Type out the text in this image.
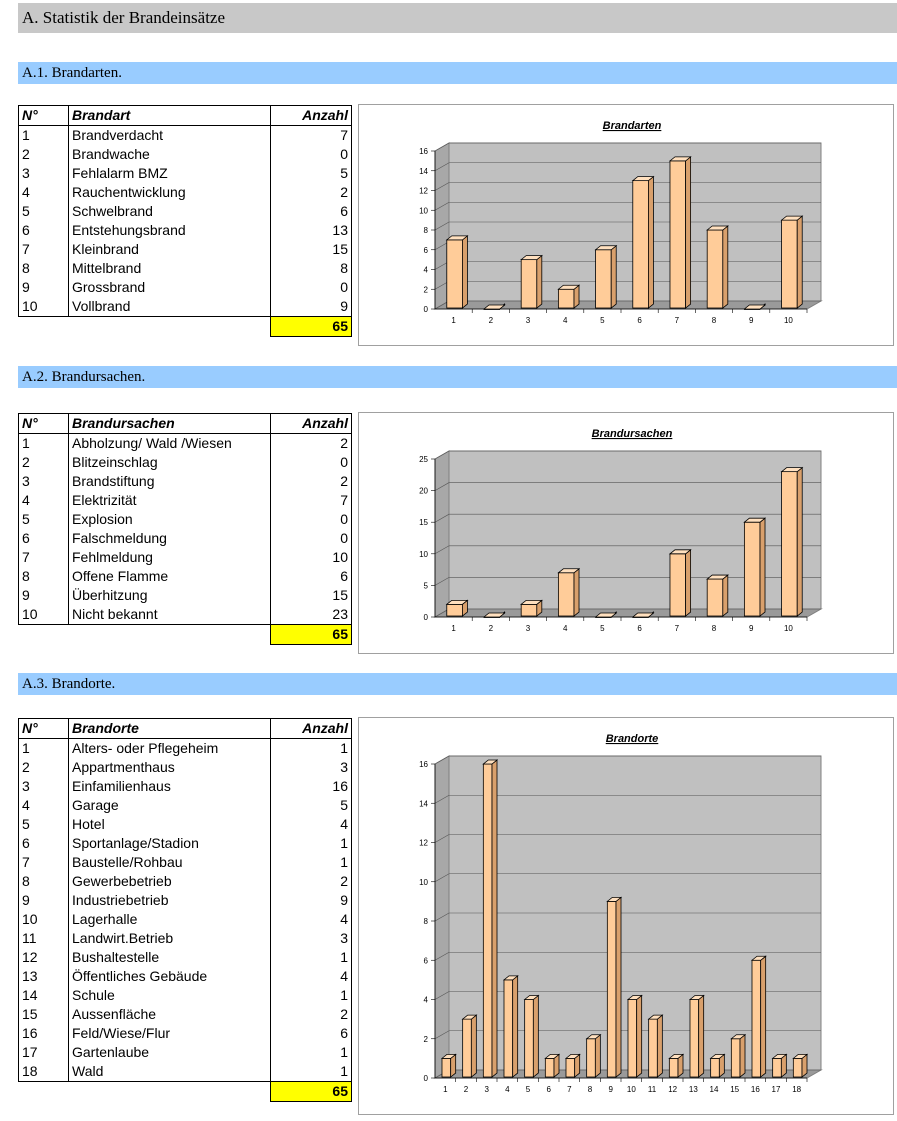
A. Statistik der Brandeinsätze
A.1. Brandarten.
N°	Brandart	Anzahl
1	Brandverdacht	7
2	Brandwache	0
3	Fehlalarm BMZ	5
4	Rauchentwicklung	2
5	Schwelbrand	6
6	Entstehungsbrand	13
7	Kleinbrand	15
8	Mittelbrand	8
9	Grossbrand	0
10	Vollbrand	9
		65
Brandarten
0
2
4
6
8
10
12
14
16
1	2	3	4	5	6	7	8	9	10
A.2. Brandursachen.
N°	Brandursachen	Anzahl
1	Abholzung/ Wald /Wiesen	2
2	Blitzeinschlag	0
3	Brandstiftung	2
4	Elektrizität	7
5	Explosion	0
6	Falschmeldung	0
7	Fehlmeldung	10
8	Offene Flamme	6
9	Überhitzung	15
10	Nicht bekannt	23
		65
Brandursachen
0
5
10
15
20
25
1	2	3	4	5	6	7	8	9	10
A.3. Brandorte.
N°	Brandorte	Anzahl
1	Alters- oder Pflegeheim	1
2	Appartmenthaus	3
3	Einfamilienhaus	16
4	Garage	5
5	Hotel	4
6	Sportanlage/Stadion	1
7	Baustelle/Rohbau	1
8	Gewerbebetrieb	2
9	Industriebetrieb	9
10	Lagerhalle	4
11	Landwirt.Betrieb	3
12	Bushaltestelle	1
13	Öffentliches Gebäude	4
14	Schule	1
15	Aussenfläche	2
16	Feld/Wiese/Flur	6
17	Gartenlaube	1
18	Wald	1
		65
Brandorte
0
2
4
6
8
10
12
14
16
1 2 3 4 5 6 7 8 9 10 11 12 13 14 15 16 17 18
